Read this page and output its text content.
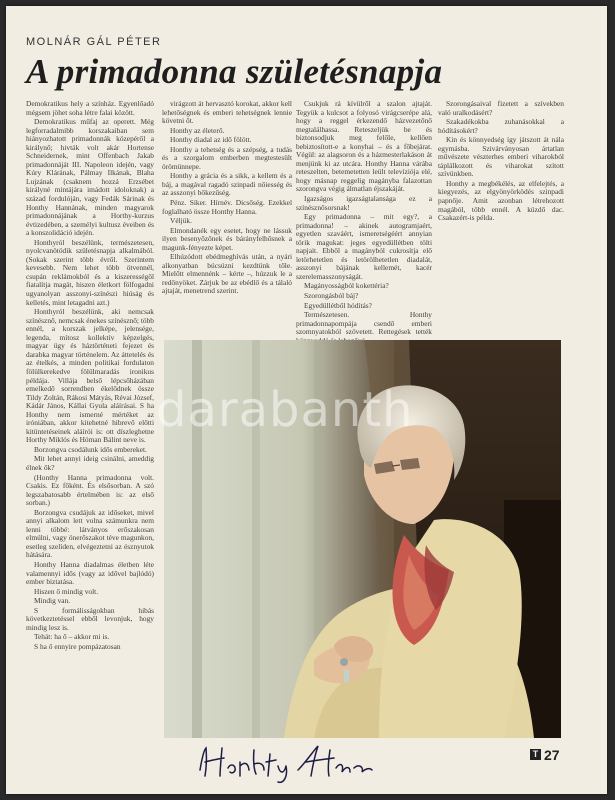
MOLNÁR GÁL PÉTER
A primadonna születésnapja

Demokratikus hely a színház. Egyenlőadó mégsem jöhet soha létre falai között.

Demokratikus műfaj az operett. Még legforradalmibb korszakaiban sem hiányozhatott primadonnák közepéről a királynő; hivták volt akár Hortense Schneidernek, mint Offenbach Jakab primadonnáját III. Napoleon idején, vagy Kúry Klárának, Pálmay Ilkának, Blaha Lujzának (csaknem hozzá Erzsébet királyné mintájára imádott idoloknak) a század fordulóján, vagy Fedák Sárinak és Honthy Hannának, minden magyarok primadonnájának a Horthy-kurzus évtizedében, a személyi kultusz éveiben és a konszolidáció idején.

Honthyról beszélünk, természetesen, nyolcvanötödik születésnapja alkalmából. (Sokak szerint több évről. Szerintem kevesebb. Nem lehet több ötvennél, csupán reklámokból és a kiszerességől fiatalítja magát, hiszen életkort fölfogadni ugyanolyan asszonyi-színészi hiúság és kelletés, mint letagadni azt.)

Honthyról beszélünk, aki nemcsak színésznő, nemcsak énekes színésznő; több ennél, a korszak jelképe, jelensége, legenda, mítosz kollektív képzelgés, magyar ügy és háztörténeti fejezet és darabka magyar történelem. Az áttetelés és az ételkés, a minden politikai fordulaton fölülkerekedve fölülmaradás ironikus példája. Villája belső lépcsőházában emelkedő sorrendben ékelődnek össze Tildy Zoltán, Rákosi Mátyás, Révai József, Kádár János, Kállai Gyula aláírásai. S ha Honthy nem ismerné mértéket az iróniában, akkor kitehetné hibrevő előtti kitüntetéseinek aláírói is: ott díszleghetne Horthy Miklós és Hóman Bálint neve is.

Borzongva csodálunk idős embereket.

Mit lehet annyi ideig csinálni, ameddig élnek ők?

(Honthy Hanna primadonna volt. Csakis. Ez főként. És elsősorban. A szó legszabatosabb értelmében is: az első sorban.)

Borzongva csudájuk az időseket, mivel annyi alkalom lett volna számunkra nem lenni többé: látványos erőszakosan elmúlni, vagy önerőszakot téve magunkon, esetleg szelíden, elvégeztetni az észnyutok hátására.

Honthy Hanna diadalmas életben léte valamennyi idős (vagy az idővel bajlódó) ember biztatása.

Hiszen ő mindig volt.

Mindig van.

S formálisságokban hibás következtetéssel ebből levonjuk, hogy mindig lesz is.

Tehát: ha ő – akkor mi is.

S ha ő ennyire pompázatosan

virágzott át hervasztó korokat, akkor kell lehetőségnek és emberi tehetségnek lennie követni őt.

Honthy az életerő.

Honthy diadal az idő fölött.

Honthy a tehetség és a szépség, a tudás és a szorgalom emberben megtestesült örömünnepe.

Honthy a grácia és a sikk, a kellem és a báj, a magával ragadó szinpadi nőiesség és az asszonyi bőkezűség.

Pénz. Siker. Hírnév. Dicsőség. Ezekkel foglalható össze Honthy Hanna.

Véljük.

Elmondanék egy esetet, hogy ne lássuk ilyen besenyőzőnek és bárányfelhősnek a magunk-fényezte képet.

Elhúzódott ebédmeghívás után, a nyári alkonyatban búcsúzni kezdtünk tőle. Mielőtt elmennénk – kérte –, húzzuk le a redőnyöket. Zárjuk be az ebédlő és a tálaló ajtaját, menetrend szerint.

Csukjuk rá kívülről a szalon ajtaját. Tegyük a kulcsot a folyosó virágcserépe alá, hogy a reggel érkezendő házvezetőnő megtalálhassa. Reteszeljük be és biztonsodjuk meg felőle, kellően bebiztosított-e a konyhai – és a főbejárat. Végül: az alagsoron és a házmesterlakáson át menjünk ki az utcára. Honthy Hanna várába reteszelten, betemetetten leült televíziója elé, hogy másnap reggelig magányba falazottan szorongva végig álmatlan éjszakáját.

Igazságos igazságtalansága ez a színésznősorsnak!

Egy primadonna – mit egy?, a primadonna! – akinek autogramjaért, egyetlen szaváért, ismeretségéért annyian törik magukat: jeges egyedüllétben tölti napjait. Ebből a magányból cukrosítja elő letörhetetlen és letörölhetetlen diadalát, asszonyi bájának kellemét, kacér szerelemasszonyságát.

Magányosságból kokettéria?

Szorongásból báj?

Egyedüllétből hódítás?

Természetesen. Honthy primadonnapompája csendő emberi szomnyatokból szövetett. Rettegések tették

Szorongásaival fizetett a szívekben való uralkodásért?

Szakadékokba zuhanásokkal a hódításokért?

Kin és könnyedség így játszott át nála egymásba. Szivárványosan ártatlan művészete vészterhes emberi viharokból táplálkozott és viharokat szított szívünkben.

Honthy a megbékélés, az elfelejtés, a kiegyezés, az elgyönyörködés szinpadi papnője. Amit azonban létrehozott magából, több ennél. A küzdő dac. Csakazért-is példa.

darabanth
T 27
